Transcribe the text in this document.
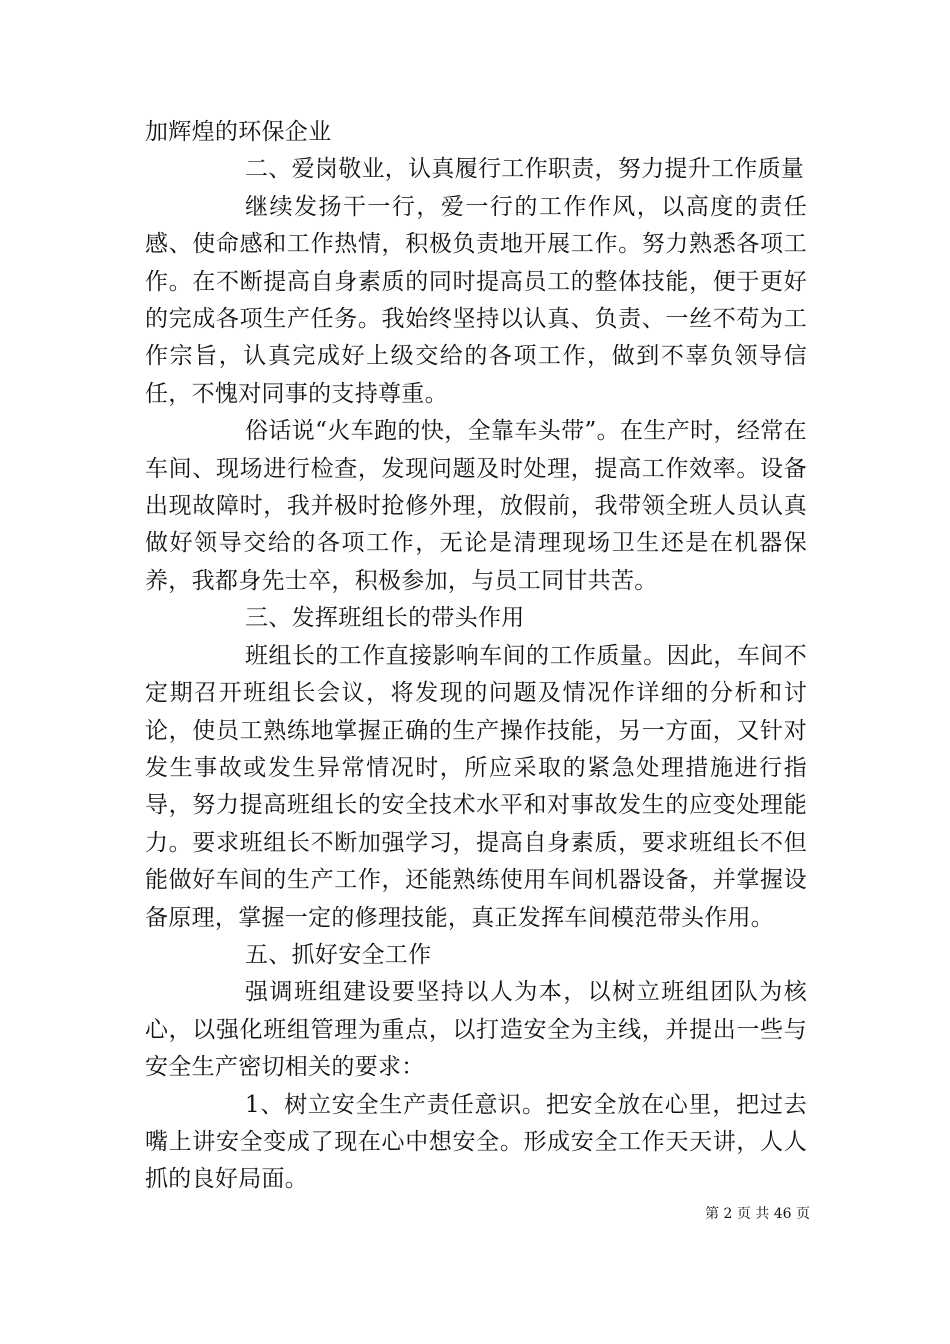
加辉煌的环保企业

二、爱岗敬业，认真履行工作职责，努力提升工作质量

继续发扬干一行，爱一行的工作作风，以高度的责任感、使命感和工作热情，积极负责地开展工作。努力熟悉各项工作。在不断提高自身素质的同时提高员工的整体技能，便于更好的完成各项生产任务。我始终坚持以认真、负责、一丝不苟为工作宗旨，认真完成好上级交给的各项工作，做到不辜负领导信任，不愧对同事的支持尊重。

俗话说“火车跑的快，全靠车头带”。在生产时，经常在车间、现场进行检查，发现问题及时处理，提高工作效率。设备出现故障时，我并极时抢修外理，放假前，我带领全班人员认真做好领导交给的各项工作，无论是清理现场卫生还是在机器保养，我都身先士卒，积极参加，与员工同甘共苦。

三、发挥班组长的带头作用

班组长的工作直接影响车间的工作质量。因此，车间不定期召开班组长会议，将发现的问题及情况作详细的分析和讨论，使员工熟练地掌握正确的生产操作技能，另一方面，又针对发生事故或发生异常情况时，所应采取的紧急处理措施进行指导，努力提高班组长的安全技术水平和对事故发生的应变处理能力。要求班组长不断加强学习，提高自身素质，要求班组长不但能做好车间的生产工作，还能熟练使用车间机器设备，并掌握设备原理，掌握一定的修理技能，真正发挥车间模范带头作用。

五、抓好安全工作

强调班组建设要坚持以人为本，以树立班组团队为核心，以强化班组管理为重点，以打造安全为主线，并提出一些与安全生产密切相关的要求：

1、树立安全生产责任意识。把安全放在心里，把过去嘴上讲安全变成了现在心中想安全。形成安全工作天天讲，人人抓的良好局面。

第 2 页 共 46 页
